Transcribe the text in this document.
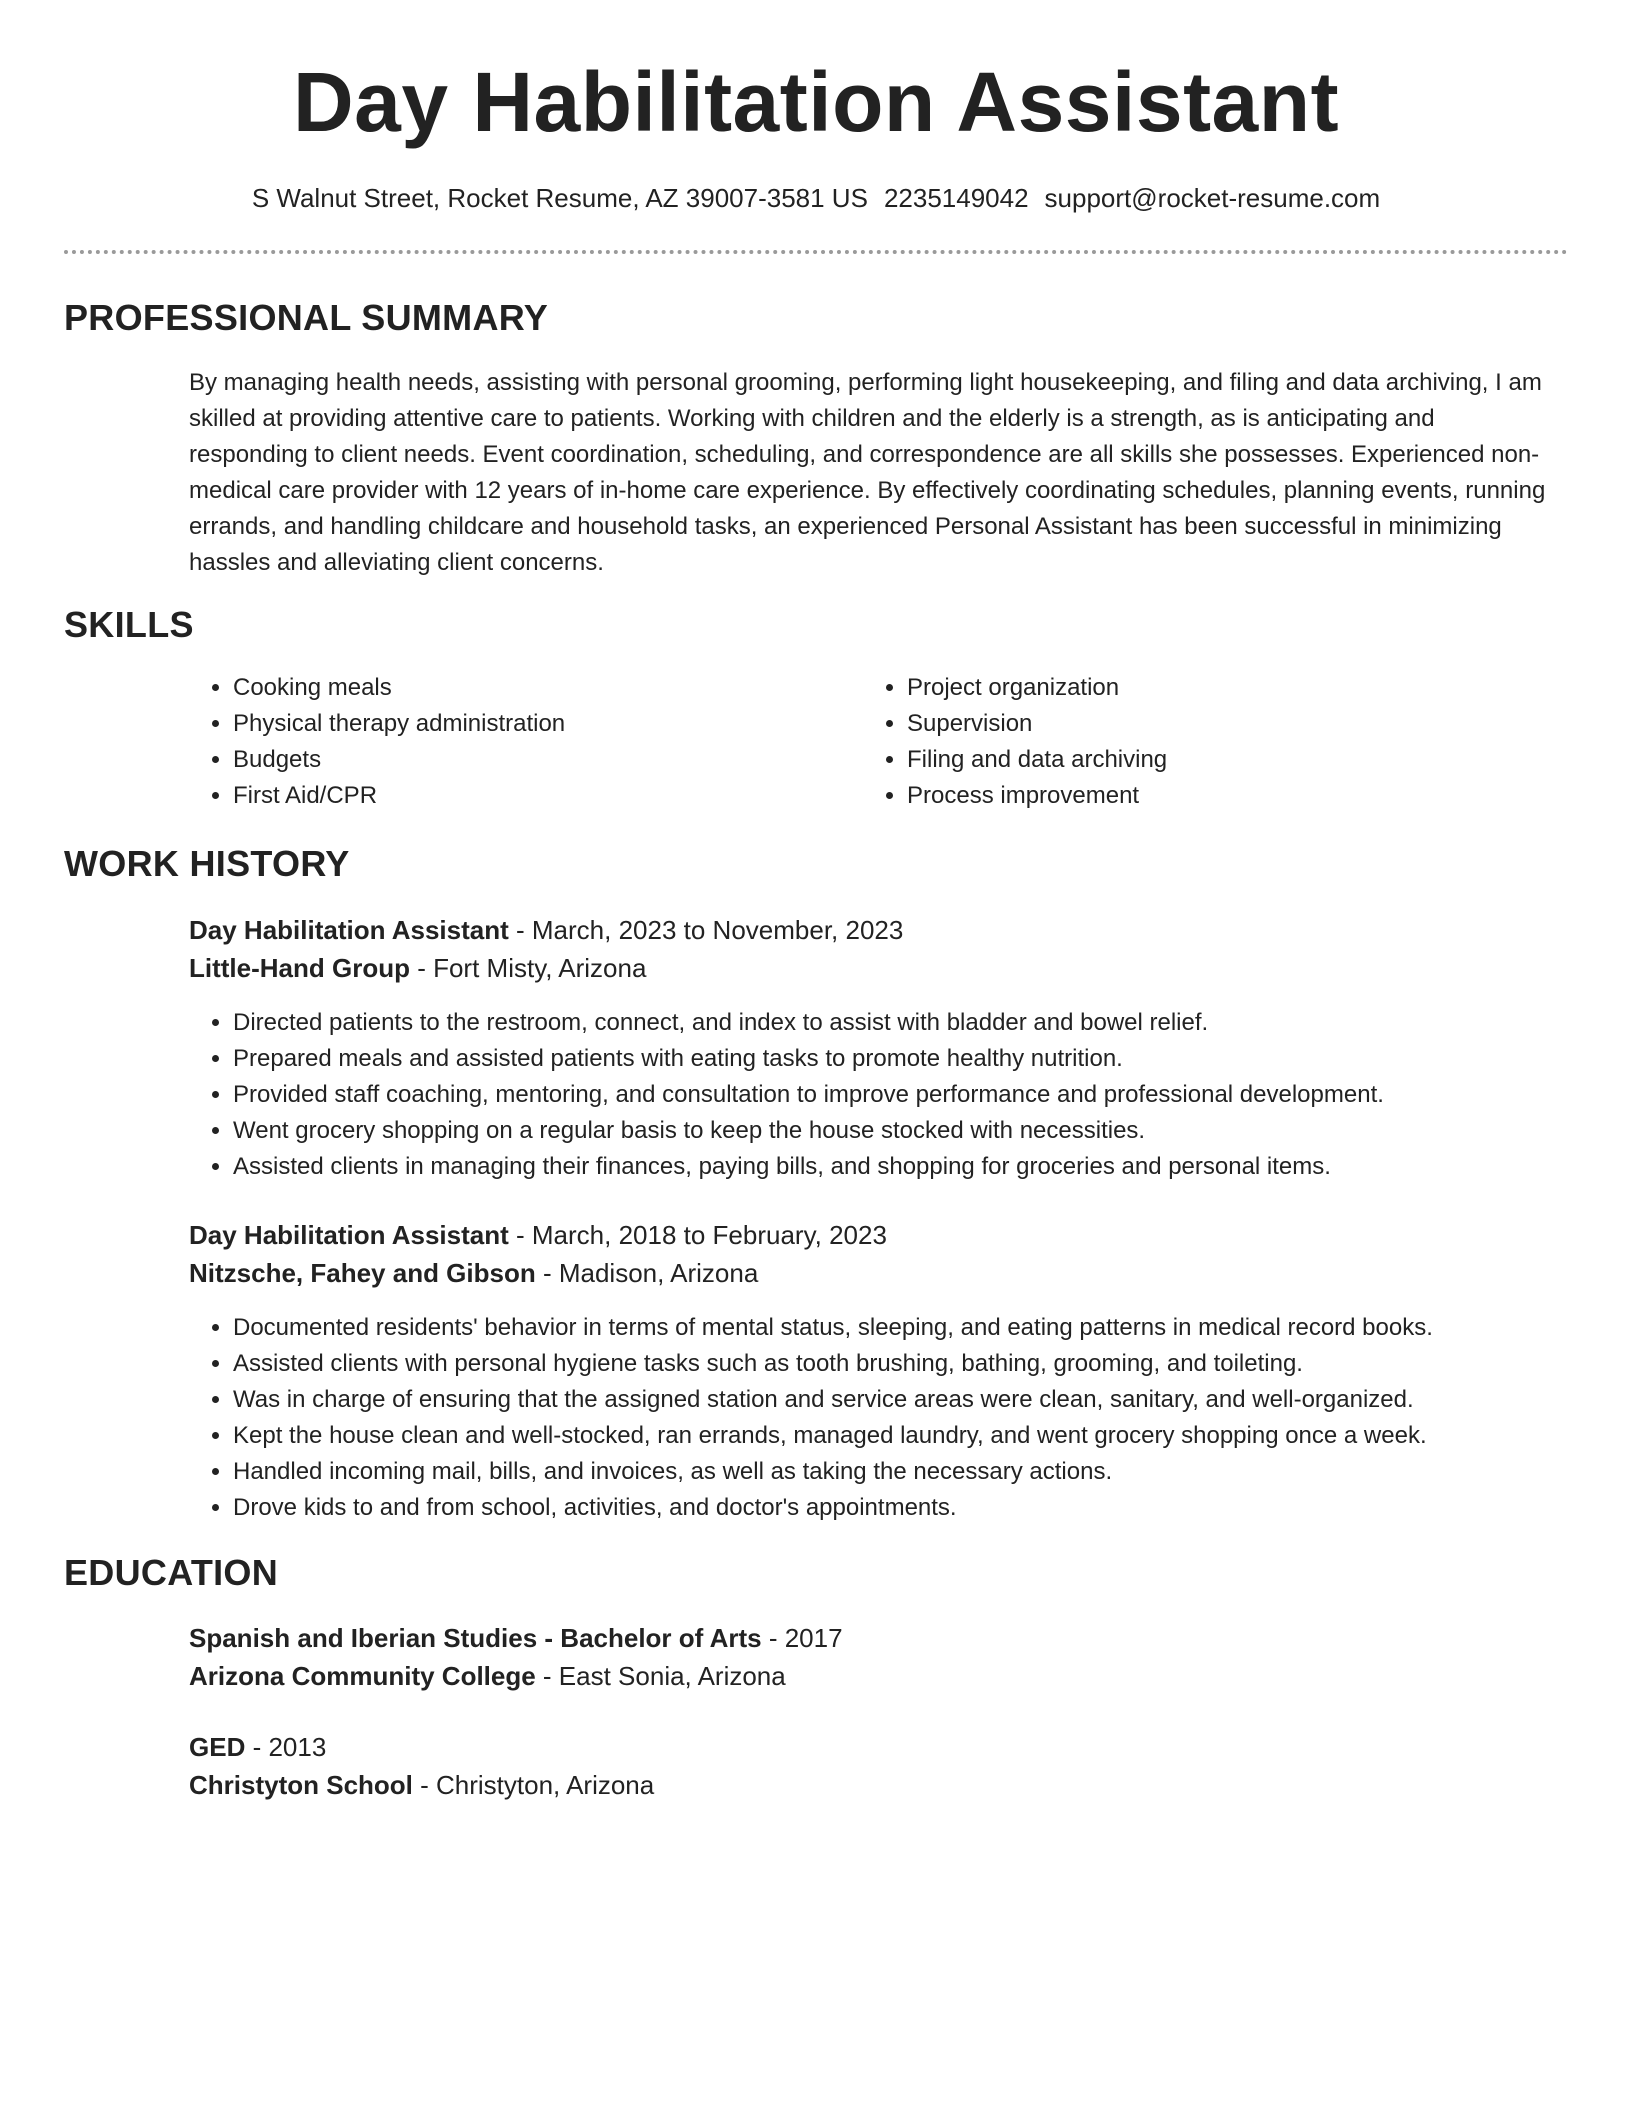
Day Habilitation Assistant
S Walnut Street, Rocket Resume, AZ 39007-3581 US 2235149042 support@rocket-resume.com
PROFESSIONAL SUMMARY
By managing health needs, assisting with personal grooming, performing light housekeeping, and filing and data archiving, I am skilled at providing attentive care to patients. Working with children and the elderly is a strength, as is anticipating and responding to client needs. Event coordination, scheduling, and correspondence are all skills she possesses. Experienced non-medical care provider with 12 years of in-home care experience. By effectively coordinating schedules, planning events, running errands, and handling childcare and household tasks, an experienced Personal Assistant has been successful in minimizing hassles and alleviating client concerns.
SKILLS
• Cooking meals
• Physical therapy administration
• Budgets
• First Aid/CPR
• Project organization
• Supervision
• Filing and data archiving
• Process improvement
WORK HISTORY
Day Habilitation Assistant - March, 2023 to November, 2023
Little-Hand Group - Fort Misty, Arizona
• Directed patients to the restroom, connect, and index to assist with bladder and bowel relief.
• Prepared meals and assisted patients with eating tasks to promote healthy nutrition.
• Provided staff coaching, mentoring, and consultation to improve performance and professional development.
• Went grocery shopping on a regular basis to keep the house stocked with necessities.
• Assisted clients in managing their finances, paying bills, and shopping for groceries and personal items.
Day Habilitation Assistant - March, 2018 to February, 2023
Nitzsche, Fahey and Gibson - Madison, Arizona
• Documented residents' behavior in terms of mental status, sleeping, and eating patterns in medical record books.
• Assisted clients with personal hygiene tasks such as tooth brushing, bathing, grooming, and toileting.
• Was in charge of ensuring that the assigned station and service areas were clean, sanitary, and well-organized.
• Kept the house clean and well-stocked, ran errands, managed laundry, and went grocery shopping once a week.
• Handled incoming mail, bills, and invoices, as well as taking the necessary actions.
• Drove kids to and from school, activities, and doctor's appointments.
EDUCATION
Spanish and Iberian Studies - Bachelor of Arts - 2017
Arizona Community College - East Sonia, Arizona
GED - 2013
Christyton School - Christyton, Arizona
